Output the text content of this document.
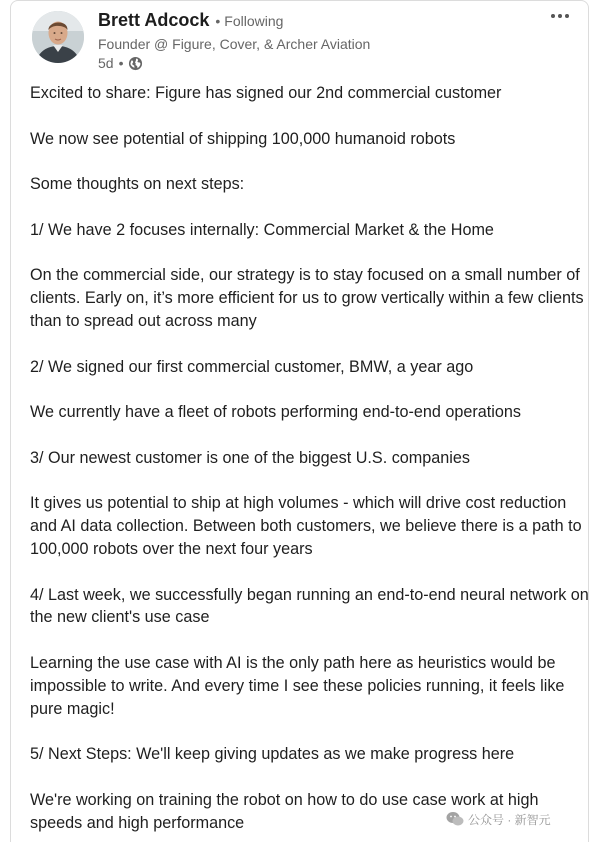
Brett Adcock • Following
Founder @ Figure, Cover, & Archer Aviation
5d •

Excited to share: Figure has signed our 2nd commercial customer

We now see potential of shipping 100,000 humanoid robots

Some thoughts on next steps:

1/ We have 2 focuses internally: Commercial Market & the Home

On the commercial side, our strategy is to stay focused on a small number of clients. Early on, it’s more efficient for us to grow vertically within a few clients than to spread out across many

2/ We signed our first commercial customer, BMW, a year ago

We currently have a fleet of robots performing end-to-end operations

3/ Our newest customer is one of the biggest U.S. companies

It gives us potential to ship at high volumes - which will drive cost reduction and AI data collection. Between both customers, we believe there is a path to 100,000 robots over the next four years

4/ Last week, we successfully began running an end-to-end neural network on the new client's use case

Learning the use case with AI is the only path here as heuristics would be impossible to write. And every time I see these policies running, it feels like pure magic!

5/ Next Steps: We'll keep giving updates as we make progress here

We're working on training the robot on how to do use case work at high speeds and high performance	公众号 · 新智元
